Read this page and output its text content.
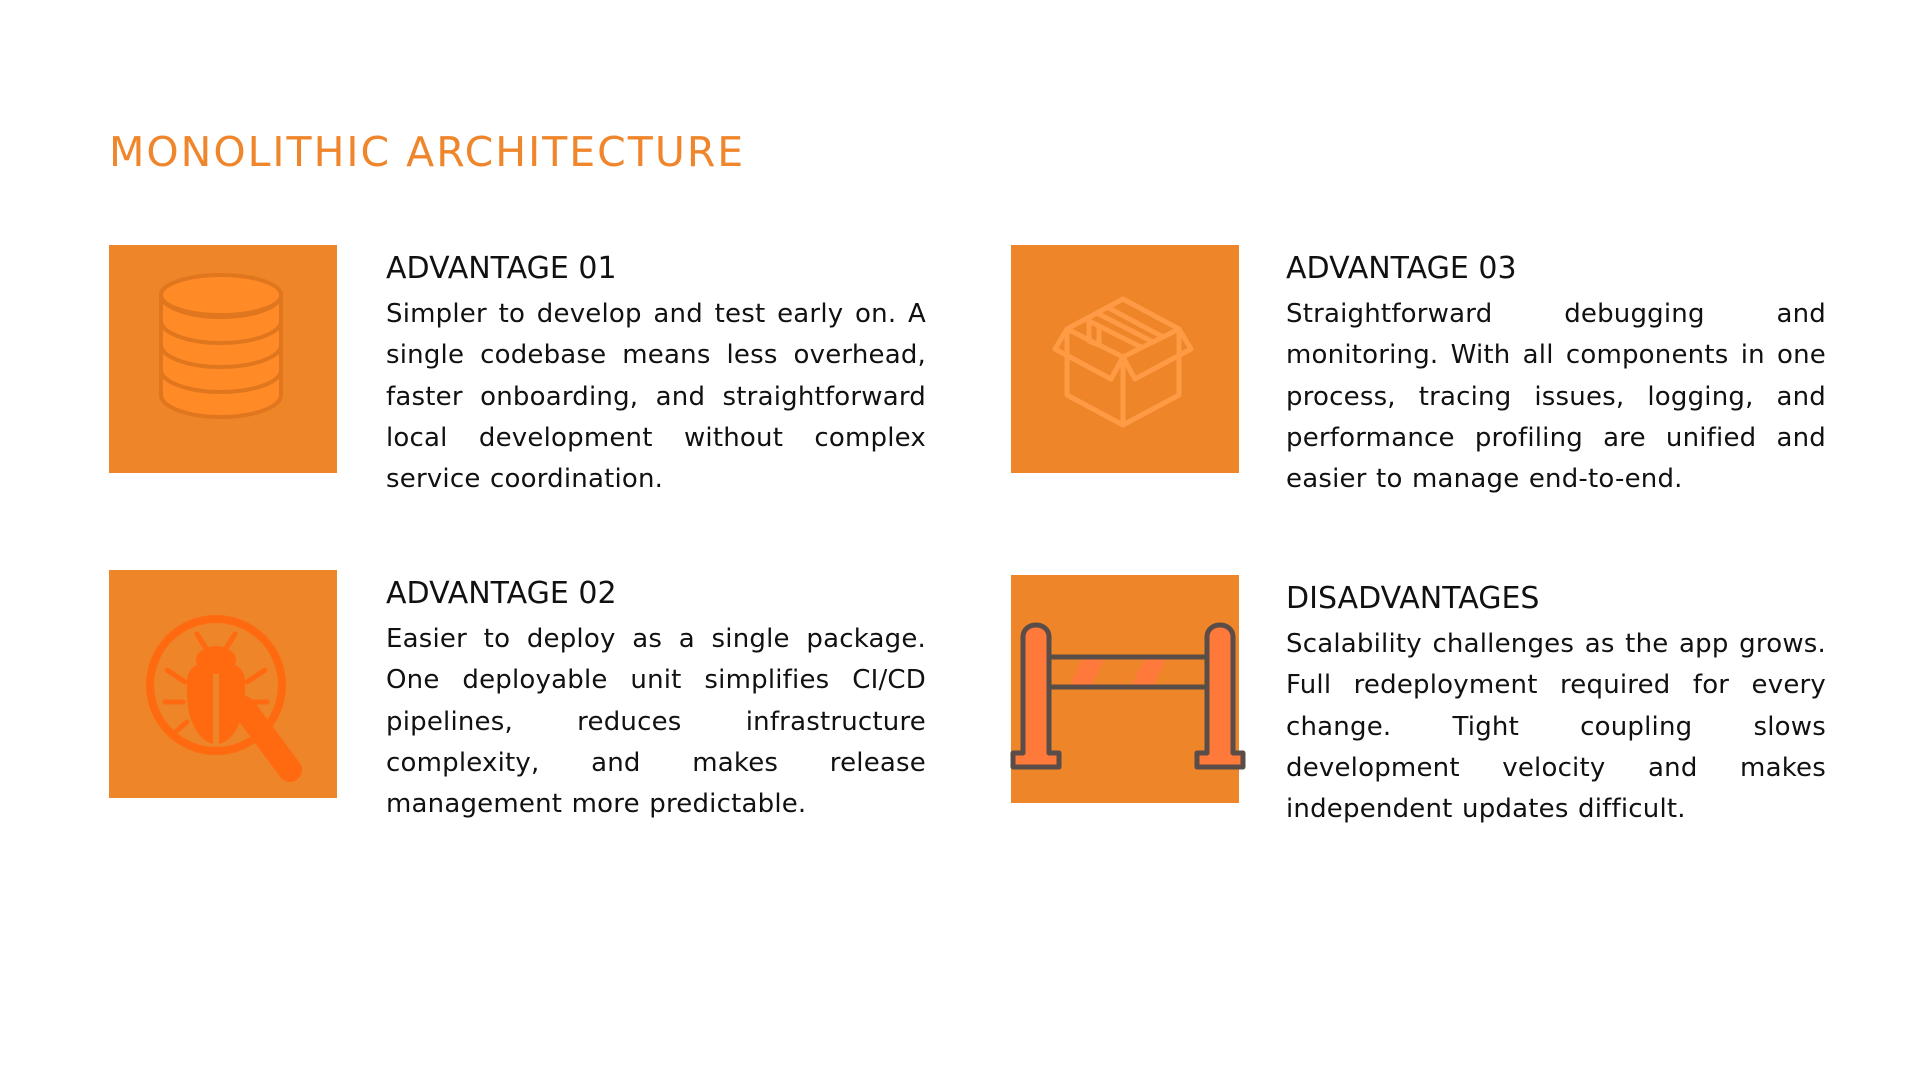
MONOLITHIC ARCHITECTURE
ADVANTAGE 01

Simpler to develop and test early on. A single codebase means less overhead, faster onboarding, and straightforward local development without complex service coordination.

ADVANTAGE 02

Easier to deploy as a single package. One deployable unit simplifies CI/CD pipelines, reduces infrastructure complexity, and makes release management more predictable.

ADVANTAGE 03

Straightforward debugging and monitoring. With all components in one process, tracing issues, logging, and performance profiling are unified and easier to manage end-to-end.

DISADVANTAGES

Scalability challenges as the app grows. Full redeployment required for every change. Tight coupling slows development velocity and makes independent updates difficult.
